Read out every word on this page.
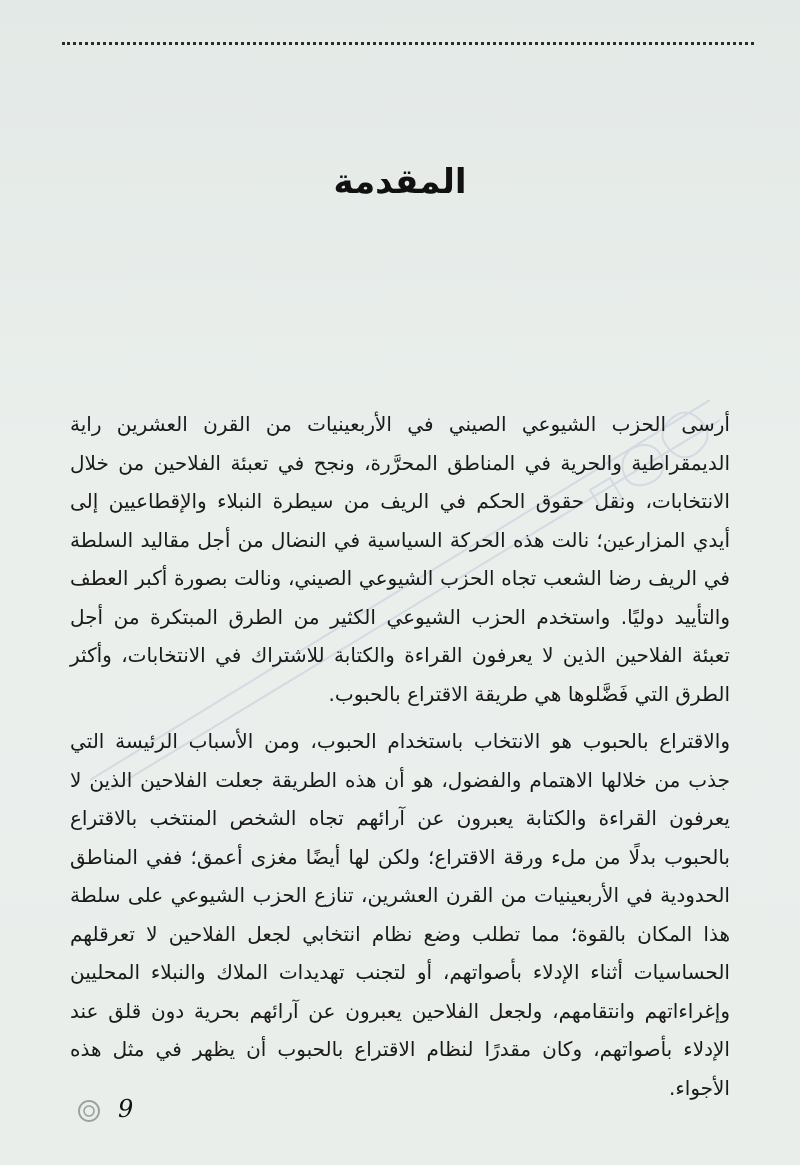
المقدمة

أرسى الحزب الشيوعي الصيني في الأربعينيات من القرن العشرين راية الديمقراطية والحرية في المناطق المحرَّرة، ونجح في تعبئة الفلاحين من خلال الانتخابات، ونقل حقوق الحكم في الريف من سيطرة النبلاء والإقطاعيين إلى أيدي المزارعين؛ نالت هذه الحركة السياسية في النضال من أجل مقاليد السلطة في الريف رضا الشعب تجاه الحزب الشيوعي الصيني، ونالت بصورة أكبر العطف والتأييد دوليًا. واستخدم الحزب الشيوعي الكثير من الطرق المبتكرة من أجل تعبئة الفلاحين الذين لا يعرفون القراءة والكتابة للاشتراك في الانتخابات، وأكثر الطرق التي فَضَّلوها هي طريقة الاقتراع بالحبوب.

والاقتراع بالحبوب هو الانتخاب باستخدام الحبوب، ومن الأسباب الرئيسة التي جذب من خلالها الاهتمام والفضول، هو أن هذه الطريقة جعلت الفلاحين الذين لا يعرفون القراءة والكتابة يعبرون عن آرائهم تجاه الشخص المنتخب بالاقتراع بالحبوب بدلًا من ملء ورقة الاقتراع؛ ولكن لها أيضًا مغزى أعمق؛ ففي المناطق الحدودية في الأربعينيات من القرن العشرين، تنازع الحزب الشيوعي على سلطة هذا المكان بالقوة؛ مما تطلب وضع نظام انتخابي لجعل الفلاحين لا تعرقلهم الحساسيات أثناء الإدلاء بأصواتهم، أو لتجنب تهديدات الملاك والنبلاء المحليين وإغراءاتهم وانتقامهم، ولجعل الفلاحين يعبرون عن آرائهم بحرية دون قلق عند الإدلاء بأصواتهم، وكان مقدرًا لنظام الاقتراع بالحبوب أن يظهر في مثل هذه الأجواء.

9
